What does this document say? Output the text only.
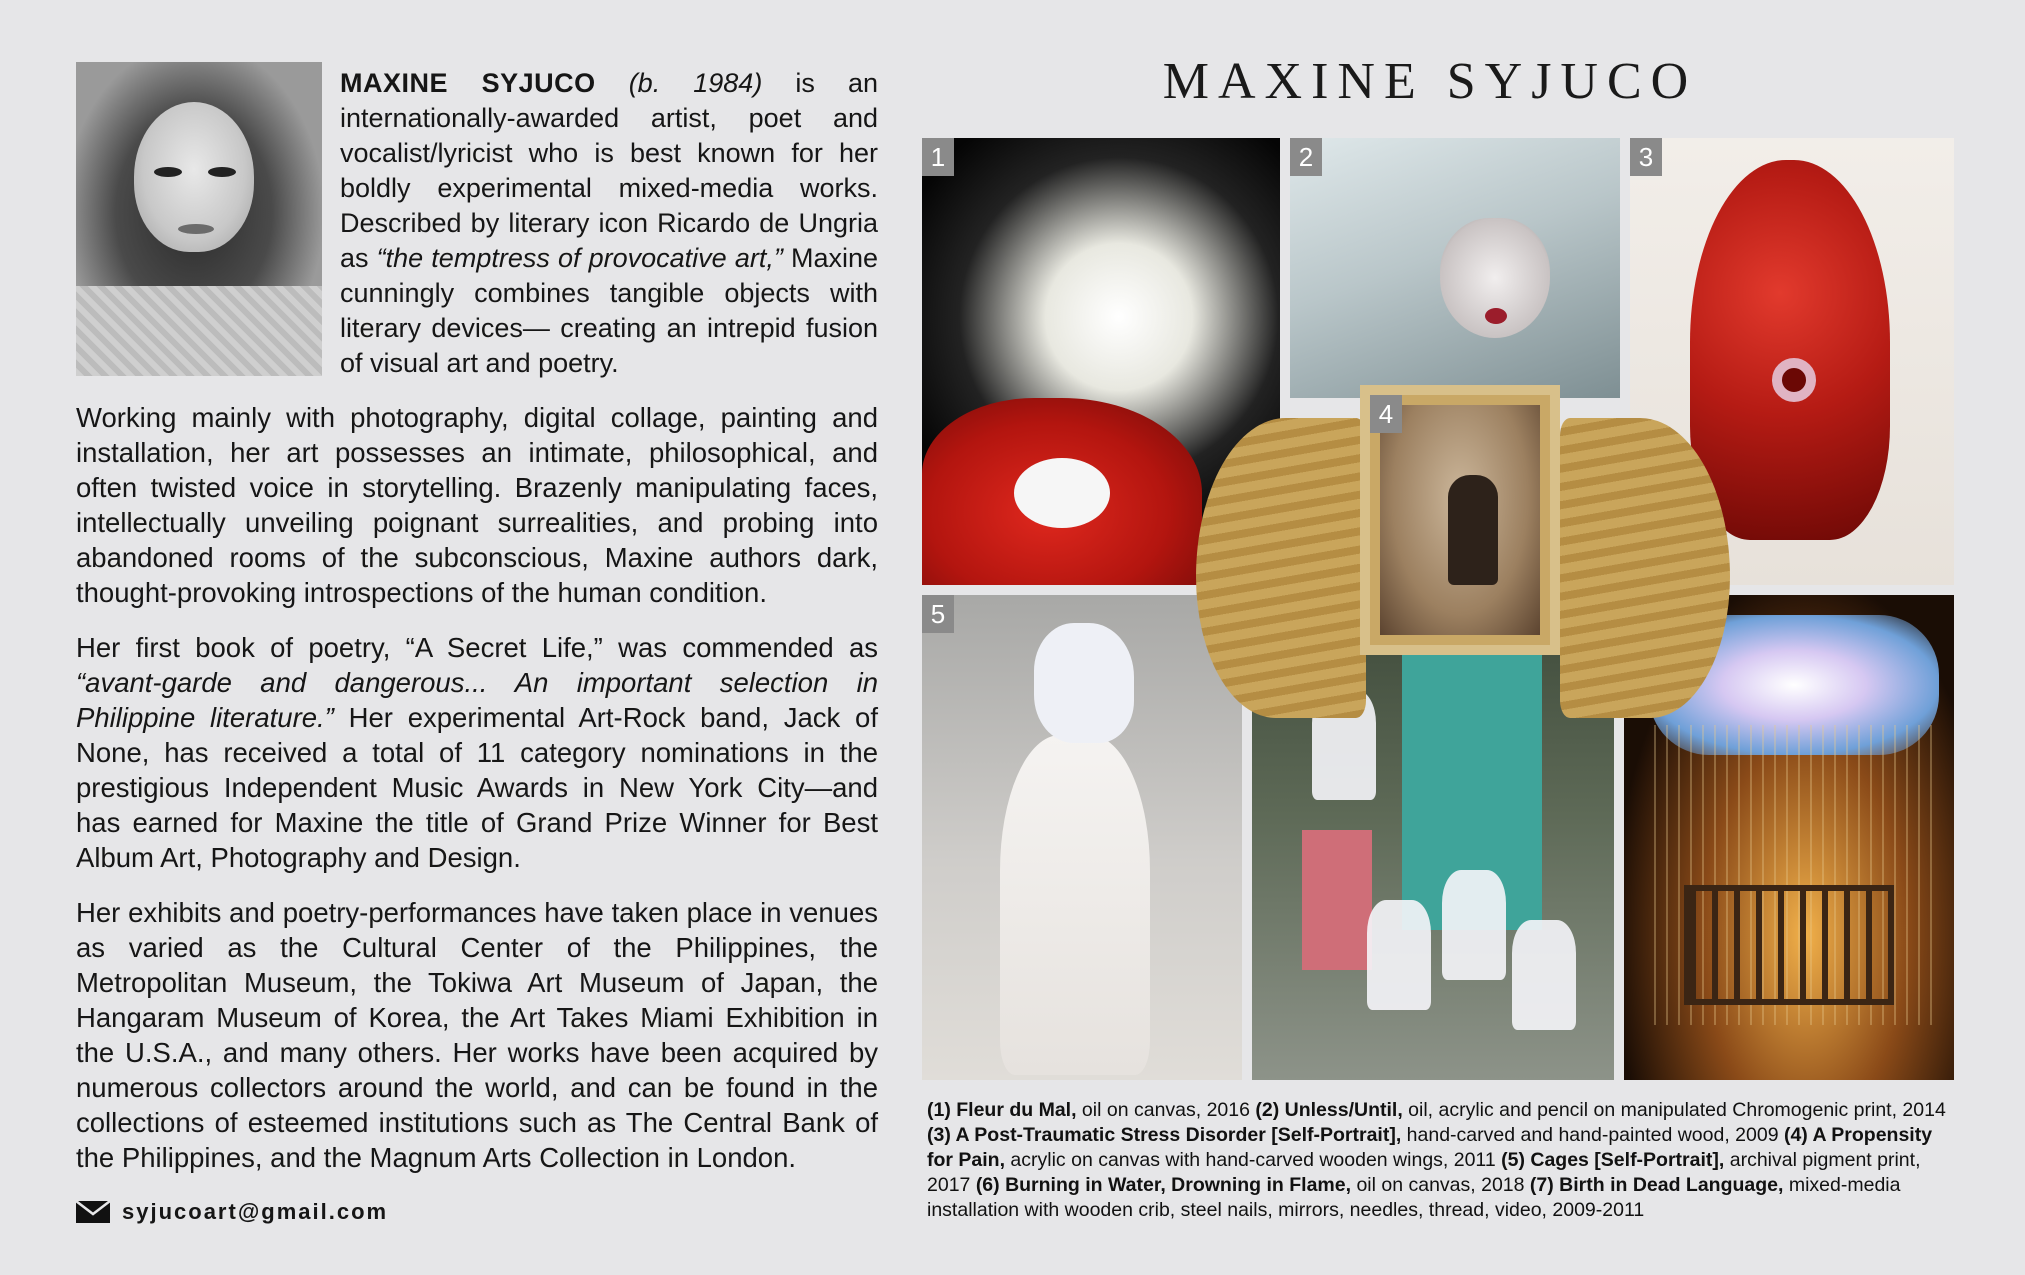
MAXINE SYJUCO (b. 1984) is an internationally-awarded artist, poet and vocalist/lyricist who is best known for her boldly experimental mixed-media works. Described by literary icon Ricardo de Ungria as “the temptress of provocative art,” Maxine cunningly combines tangible objects with literary devices— creating an intrepid fusion of visual art and poetry.

Working mainly with photography, digital collage, painting and installation, her art possesses an intimate, philosophical, and often twisted voice in storytelling. Brazenly manipulating faces, intellectually unveiling poignant surrealities, and probing into abandoned rooms of the subconscious, Maxine authors dark, thought-provoking introspections of the human condition.

Her first book of poetry, “A Secret Life,” was commended as “avant-garde and dangerous... An important selection in Philippine literature.” Her experimental Art-Rock band, Jack of None, has received a total of 11 category nominations in the prestigious Independent Music Awards in New York City—and has earned for Maxine the title of Grand Prize Winner for Best Album Art, Photography and Design.

Her exhibits and poetry-performances have taken place in venues as varied as the Cultural Center of the Philippines, the Metropolitan Museum, the Tokiwa Art Museum of Japan, the Hangaram Museum of Korea, the Art Takes Miami Exhibition in the U.S.A., and many others. Her works have been acquired by numerous collectors around the world, and can be found in the collections of esteemed institutions such as The Central Bank of the Philippines, and the Magnum Arts Collection in London.

syjucoart@gmail.com
MAXINE SYJUCO
1	2	3
5
4
(1) Fleur du Mal, oil on canvas, 2016 (2) Unless/Until, oil, acrylic and pencil on manipulated Chromogenic print, 2014 (3) A Post-Traumatic Stress Disorder [Self-Portrait], hand-carved and hand-painted wood, 2009 (4) A Propensity for Pain, acrylic on canvas with hand-carved wooden wings, 2011 (5) Cages [Self-Portrait], archival pigment print, 2017 (6) Burning in Water, Drowning in Flame, oil on canvas, 2018 (7) Birth in Dead Language, mixed-media installation with wooden crib, steel nails, mirrors, needles, thread, video, 2009-2011
